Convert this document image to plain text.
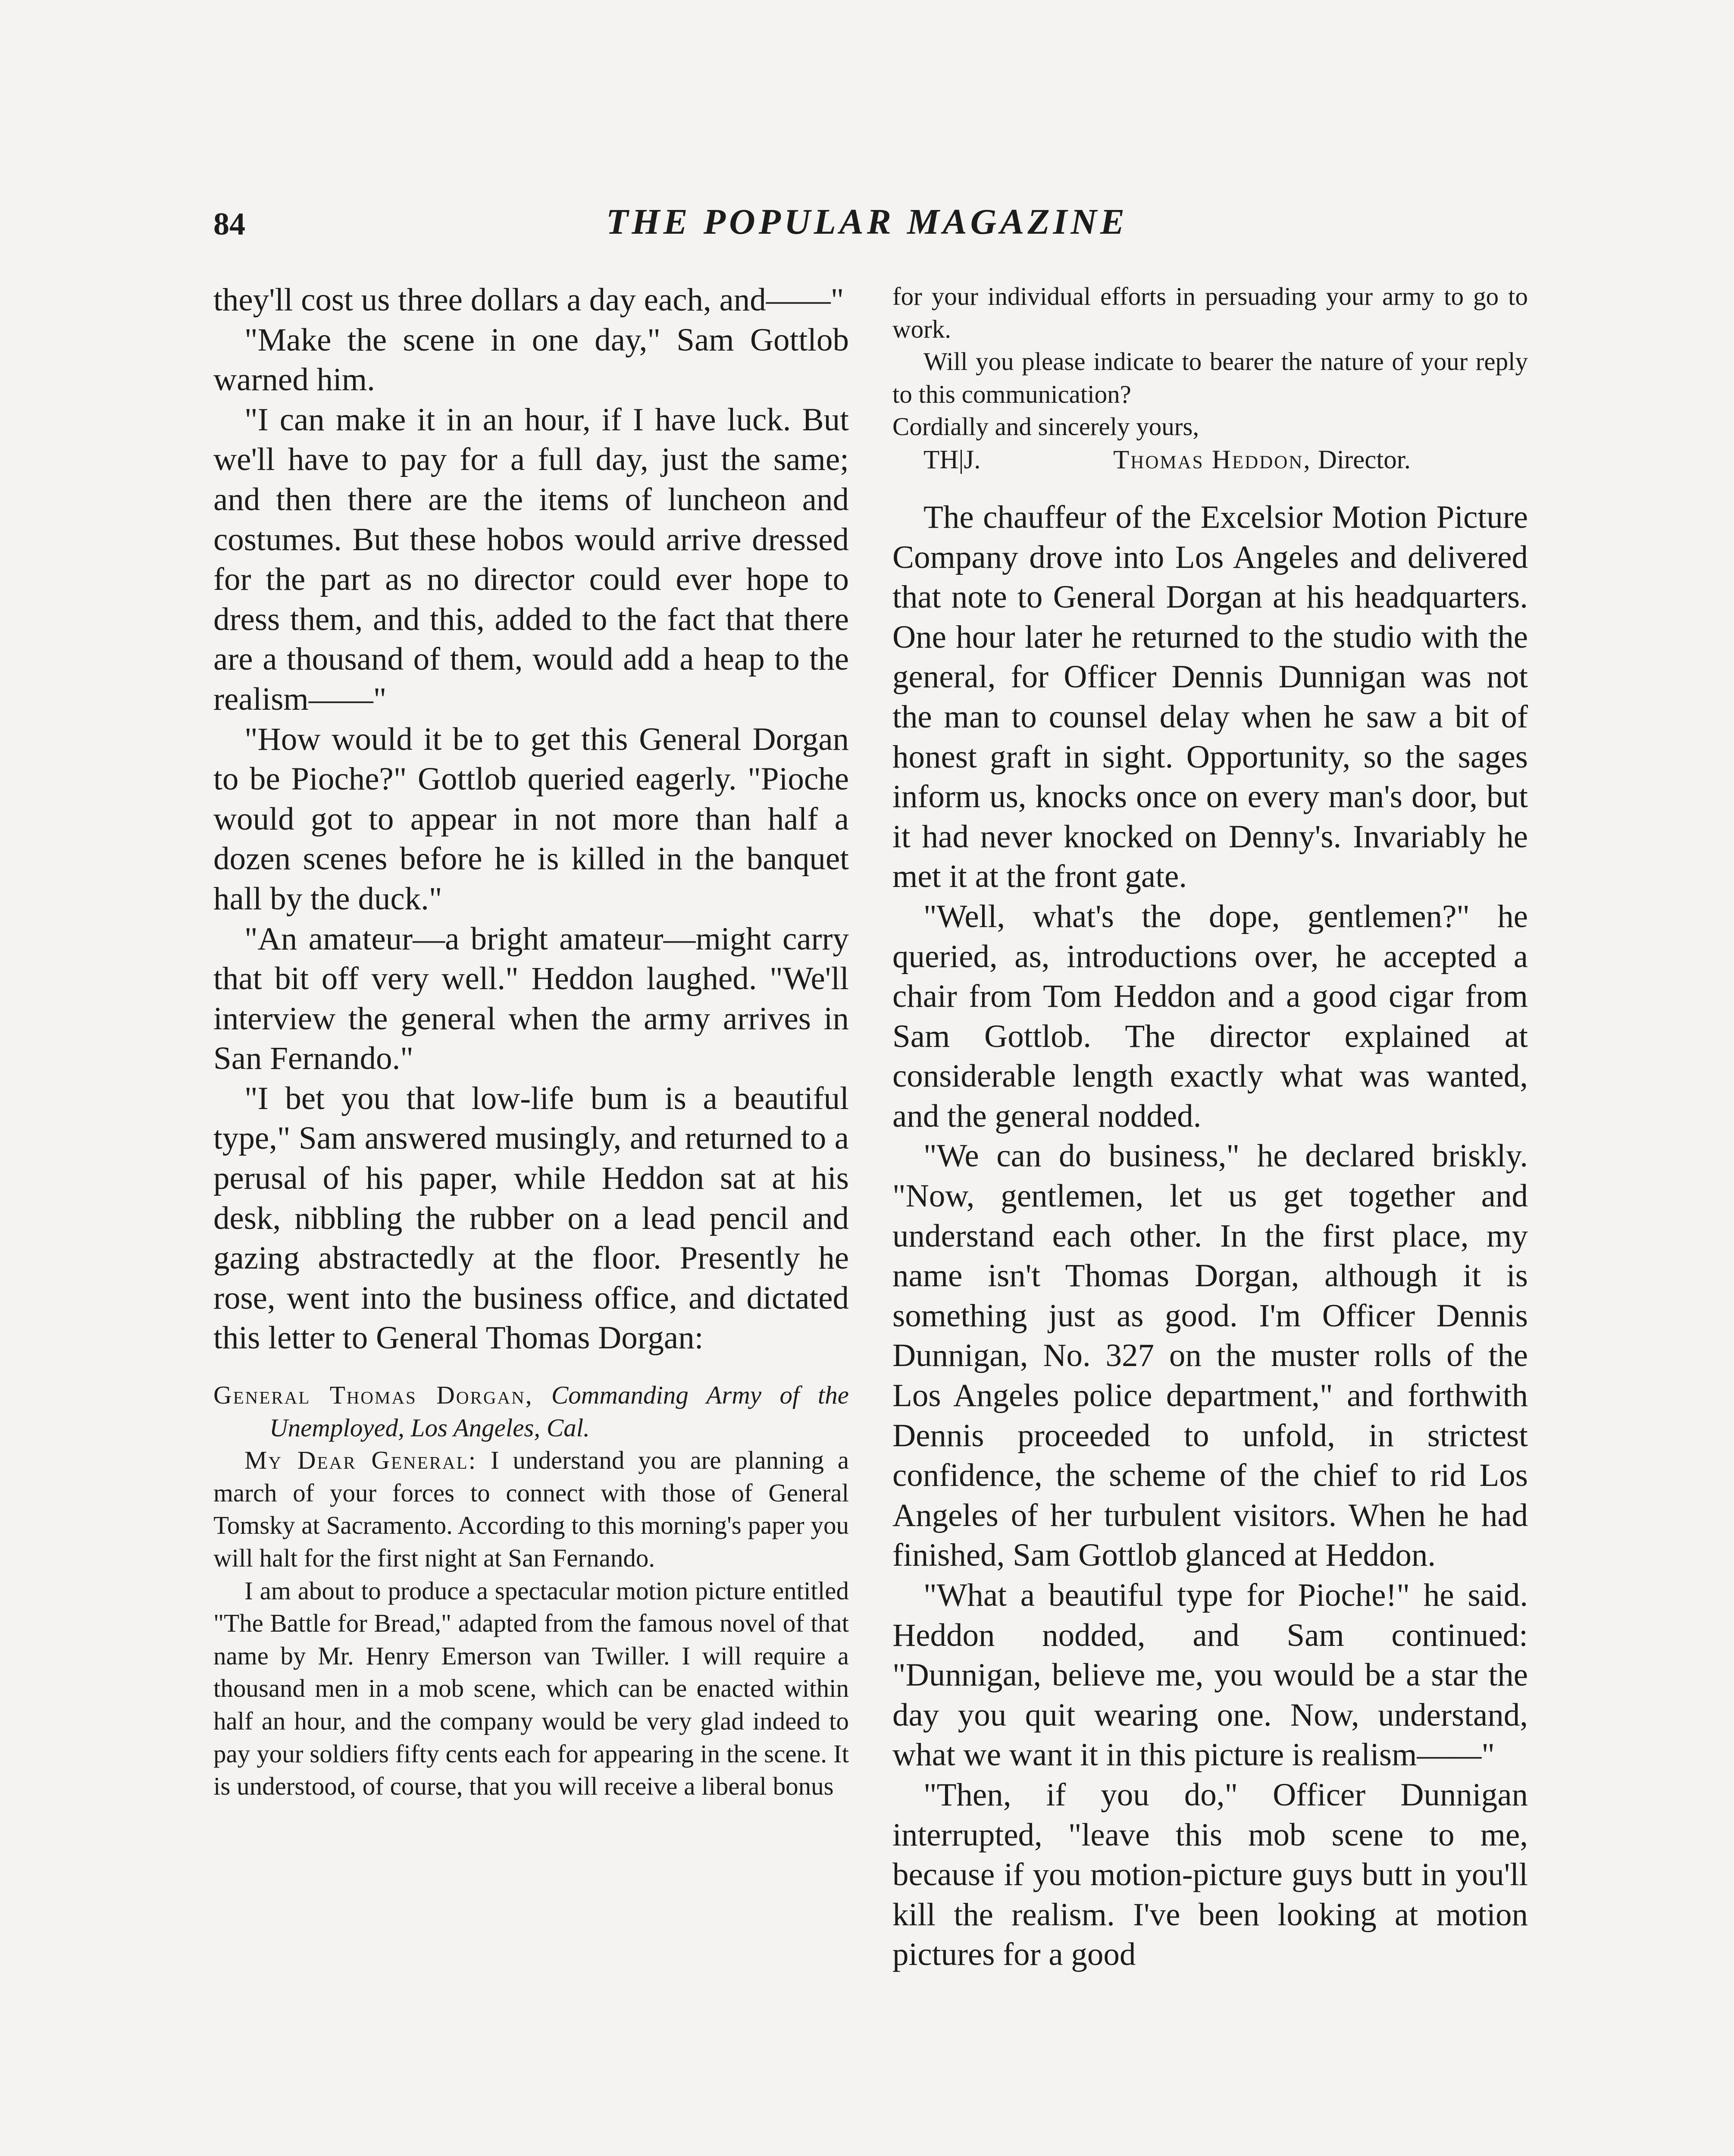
84	THE POPULAR MAGAZINE

they'll cost us three dollars a day each, and——"

"Make the scene in one day," Sam Gottlob warned him.

"I can make it in an hour, if I have luck. But we'll have to pay for a full day, just the same; and then there are the items of luncheon and costumes. But these hobos would arrive dressed for the part as no director could ever hope to dress them, and this, added to the fact that there are a thousand of them, would add a heap to the realism——"

"How would it be to get this General Dorgan to be Pioche?" Gottlob queried eagerly. "Pioche would got to appear in not more than half a dozen scenes before he is killed in the banquet hall by the duck."

"An amateur—a bright amateur—might carry that bit off very well." Heddon laughed. "We'll interview the general when the army arrives in San Fernando."

"I bet you that low-life bum is a beautiful type," Sam answered musingly, and returned to a perusal of his paper, while Heddon sat at his desk, nibbling the rubber on a lead pencil and gazing abstractedly at the floor. Presently he rose, went into the business office, and dictated this letter to General Thomas Dorgan:

General Thomas Dorgan, Commanding Army of the Unemployed, Los Angeles, Cal.

My Dear General: I understand you are planning a march of your forces to connect with those of General Tomsky at Sacramento. According to this morning's paper you will halt for the first night at San Fernando.

I am about to produce a spectacular motion picture entitled "The Battle for Bread," adapted from the famous novel of that name by Mr. Henry Emerson van Twiller. I will require a thousand men in a mob scene, which can be enacted within half an hour, and the company would be very glad indeed to pay your soldiers fifty cents each for appearing in the scene. It is understood, of course, that you will receive a liberal bonus

for your individual efforts in persuading your army to go to work.

Will you please indicate to bearer the nature of your reply to this communication?

Cordially and sincerely yours,

TH|J.	Thomas Heddon, Director.

The chauffeur of the Excelsior Motion Picture Company drove into Los Angeles and delivered that note to General Dorgan at his headquarters. One hour later he returned to the studio with the general, for Officer Dennis Dunnigan was not the man to counsel delay when he saw a bit of honest graft in sight. Opportunity, so the sages inform us, knocks once on every man's door, but it had never knocked on Denny's. Invariably he met it at the front gate.

"Well, what's the dope, gentlemen?" he queried, as, introductions over, he accepted a chair from Tom Heddon and a good cigar from Sam Gottlob. The director explained at considerable length exactly what was wanted, and the general nodded.

"We can do business," he declared briskly. "Now, gentlemen, let us get together and understand each other. In the first place, my name isn't Thomas Dorgan, although it is something just as good. I'm Officer Dennis Dunnigan, No. 327 on the muster rolls of the Los Angeles police department," and forthwith Dennis proceeded to unfold, in strictest confidence, the scheme of the chief to rid Los Angeles of her turbulent visitors. When he had finished, Sam Gottlob glanced at Heddon.

"What a beautiful type for Pioche!" he said. Heddon nodded, and Sam continued: "Dunnigan, believe me, you would be a star the day you quit wearing one. Now, understand, what we want it in this picture is realism——"

"Then, if you do," Officer Dunnigan interrupted, "leave this mob scene to me, because if you motion-picture guys butt in you'll kill the realism. I've been looking at motion pictures for a good
